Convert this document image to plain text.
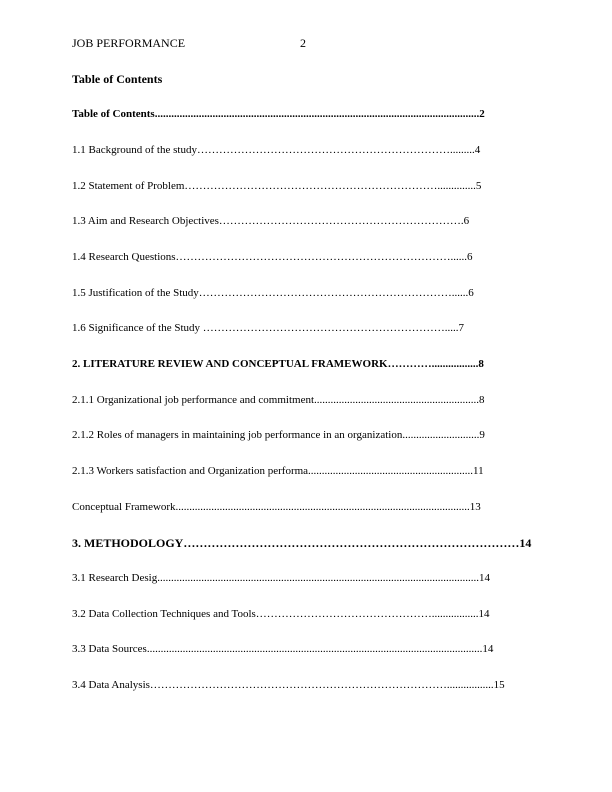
JOB PERFORMANCE	2
Table of Contents
Table of Contents......................................................................................................................2
1.1 Background of the study…………………………………………………………….........4
1.2 Statement of Problem……………………………………………………………..............5
1.3 Aim and Research Objectives………………………………………………………….6
1.4 Research Questions…………………………………………………………………......6
1.5 Justification of the Study……………………………………………………………......6
1.6 Significance of the Study ………………………………………………………….....7
2. LITERATURE REVIEW AND CONCEPTUAL FRAMEWORK………….................8
2.1.1 Organizational job performance and commitment............................................................8
2.1.2 Roles of managers in maintaining job performance in an organization............................9
2.1.3 Workers satisfaction and Organization performa............................................................11
Conceptual Framework...........................................................................................................13
3. METHODOLOGY…………………………………………………………………………14
3.1 Research Desig.....................................................................................................................14
3.2 Data Collection Techniques and Tools………………………………………….................14
3.3 Data Sources..........................................................................................................................14
3.4 Data Analysis……………………………………………………………………….................15
